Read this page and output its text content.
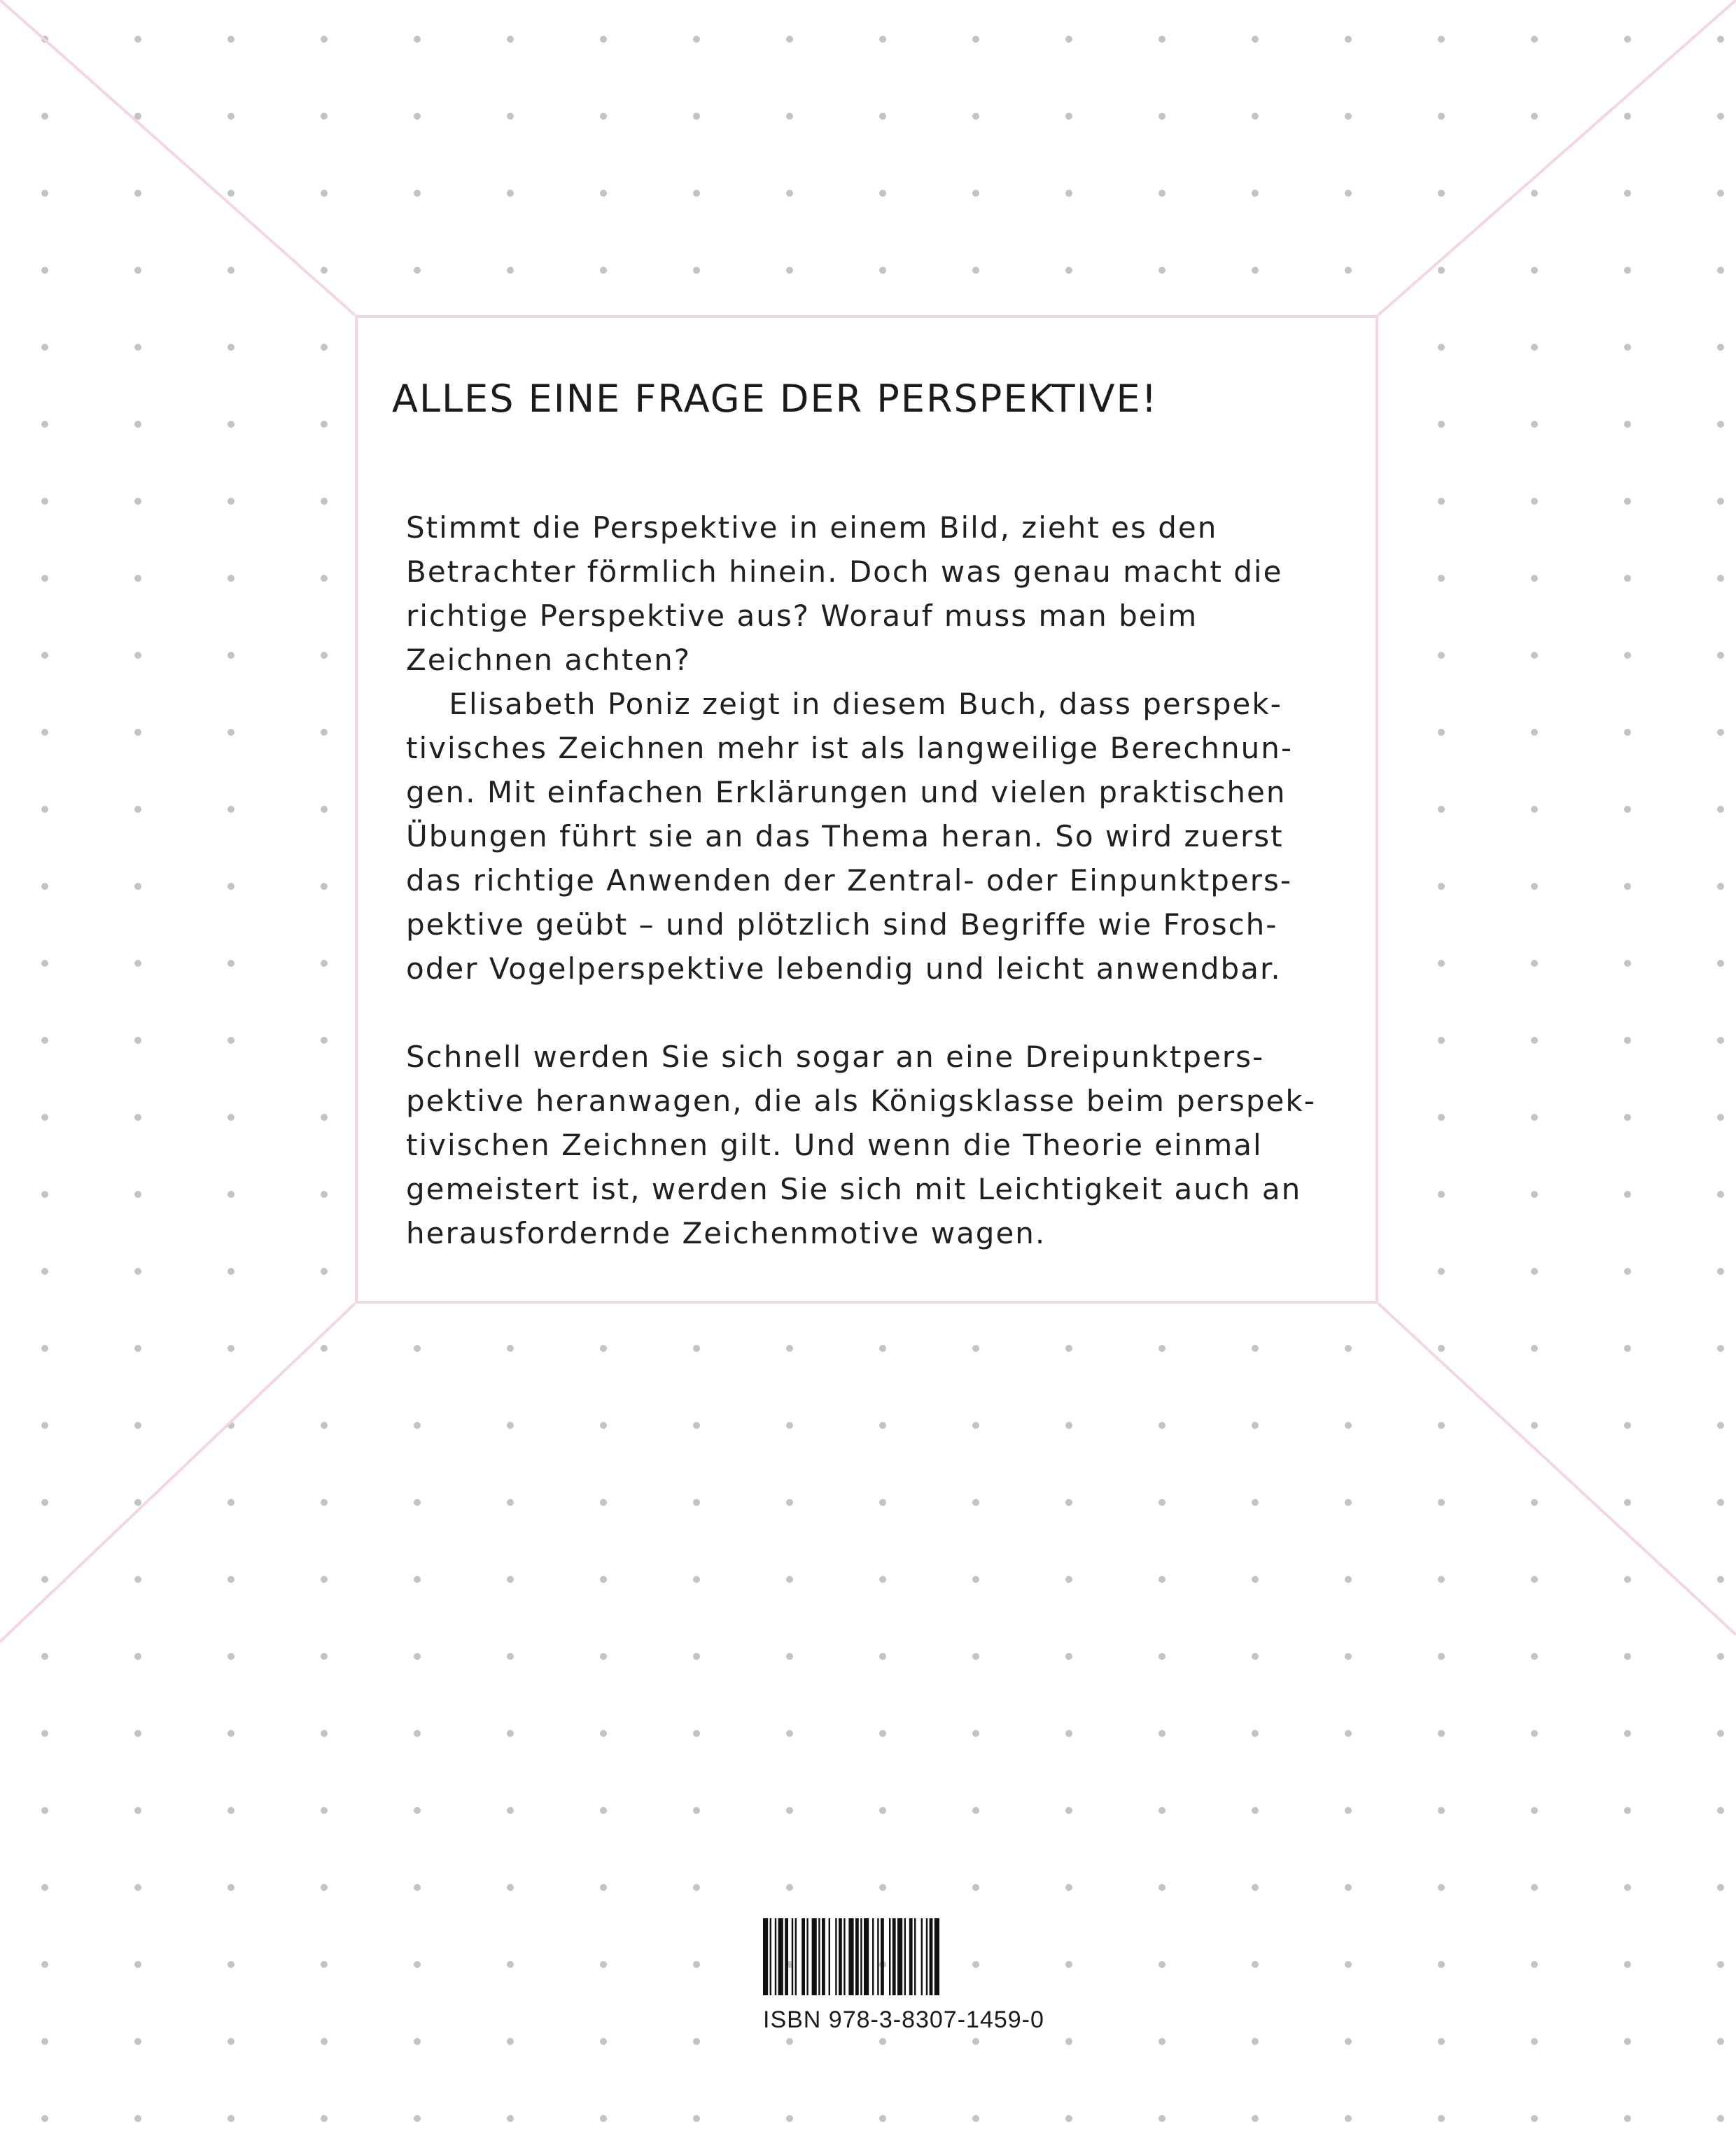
ALLES EINE FRAGE DER PERSPEKTIVE!
Stimmt die Perspektive in einem Bild, zieht es den
Betrachter förmlich hinein. Doch was genau macht die
richtige Perspektive aus? Worauf muss man beim
Zeichnen achten?
Elisabeth Poniz zeigt in diesem Buch, dass perspek-
tivisches Zeichnen mehr ist als langweilige Berechnun-
gen. Mit einfachen Erklärungen und vielen praktischen
Übungen führt sie an das Thema heran. So wird zuerst
das richtige Anwenden der Zentral- oder Einpunktpers-
pektive geübt – und plötzlich sind Begriffe wie Frosch-
oder Vogelperspektive lebendig und leicht anwendbar.
Schnell werden Sie sich sogar an eine Dreipunktpers-
pektive heranwagen, die als Königsklasse beim perspek-
tivischen Zeichnen gilt. Und wenn die Theorie einmal
gemeistert ist, werden Sie sich mit Leichtigkeit auch an
herausfordernde Zeichenmotive wagen.
ISBN 978-3-8307-1459-0
